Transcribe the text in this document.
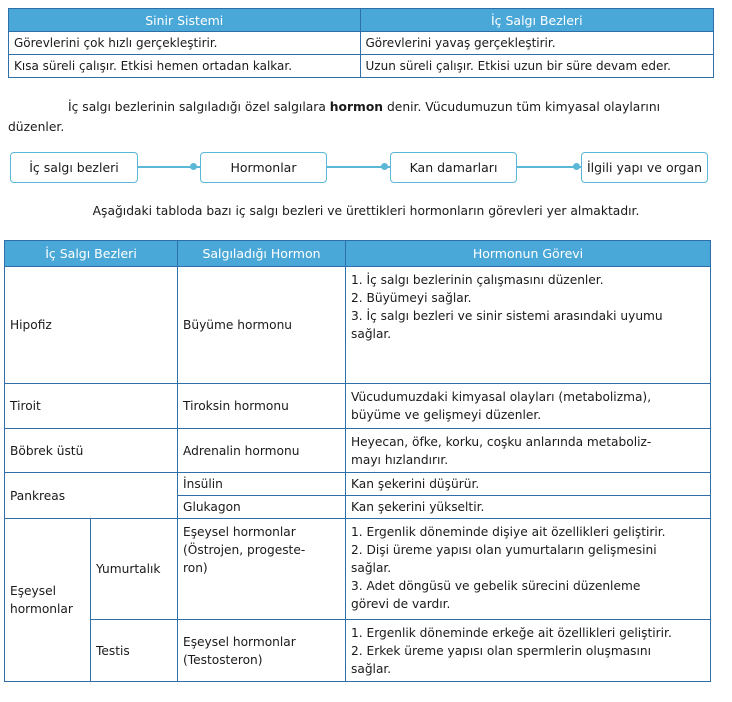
Sinir Sistemi	İç Salgı Bezleri
Görevlerini çok hızlı gerçekleştirir.	Görevlerini yavaş gerçekleştirir.
Kısa süreli çalışır. Etkisi hemen ortadan kalkar.	Uzun süreli çalışır. Etkisi uzun bir süre devam eder.

İç salgı bezlerinin salgıladığı özel salgılara hormon denir. Vücudumuzun tüm kimyasal olaylarını düzenler.

İç salgı bezleri	Hormonlar	Kan damarları	İlgili yapı ve organ

Aşağıdaki tabloda bazı iç salgı bezleri ve ürettikleri hormonların görevleri yer almaktadır.

İç Salgı Bezleri		Salgıladığı Hormon	Hormonun Görevi
Hipofiz		Büyüme hormonu	1. İç salgı bezlerinin çalışmasını düzenler.
2. Büyümeyi sağlar.
3. İç salgı bezleri ve sinir sistemi arasındaki uyumu
sağlar.

Tiroit		Tiroksin hormonu	Vücudumuzdaki kimyasal olayları (metabolizma),
büyüme ve gelişmeyi düzenler.

Böbrek üstü		Adrenalin hormonu	Heyecan, öfke, korku, coşku anlarında metaboliz-
mayı hızlandırır.

Pankreas		İnsülin	Kan şekerini düşürür.
		Glukagon	Kan şekerini yükseltir.

Eşeysel
hormonlar	Yumurtalık	Eşeysel hormonlar
(Östrojen, progeste-
ron)	1. Ergenlik döneminde dişiye ait özellikleri geliştirir.
2. Dişi üreme yapısı olan yumurtaların gelişmesini
sağlar.
3. Adet döngüsü ve gebelik sürecini düzenleme
görevi de vardır.

	Testis	Eşeysel hormonlar
(Testosteron)	1. Ergenlik döneminde erkeğe ait özellikleri geliştirir.
2. Erkek üreme yapısı olan spermlerin oluşmasını
sağlar.
